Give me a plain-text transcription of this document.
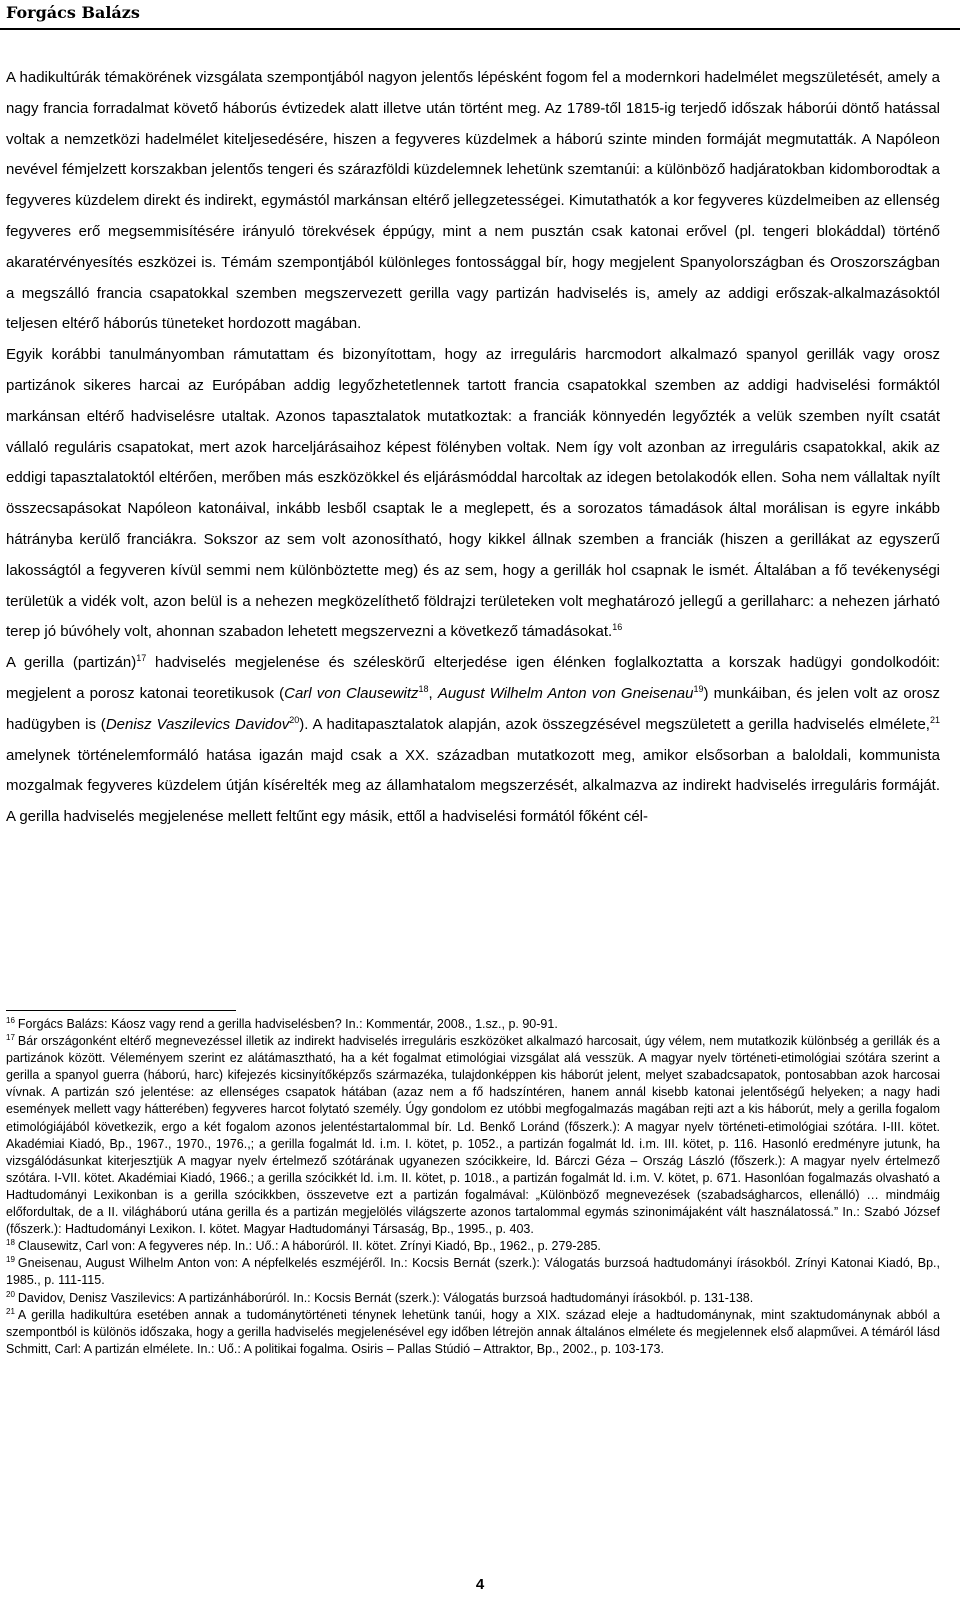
Forgács Balázs

A hadikultúrák témakörének vizsgálata szempontjából nagyon jelentős lépésként fogom fel a modernkori hadelmélet megszületését, amely a nagy francia forradalmat követő háborús évtizedek alatt illetve után történt meg. Az 1789-től 1815-ig terjedő időszak háborúi döntő hatással voltak a nemzetközi hadelmélet kiteljesedésére, hiszen a fegyveres küzdelmek a háború szinte minden formáját megmutatták. A Napóleon nevével fémjelzett korszakban jelentős tengeri és szárazföldi küzdelemnek lehetünk szemtanúi: a különböző hadjáratokban kidomborodtak a fegyveres küzdelem direkt és indirekt, egymástól markánsan eltérő jellegzetességei. Kimutathatók a kor fegyveres küzdelmeiben az ellenség fegyveres erő megsemmisítésére irányuló törekvések éppúgy, mint a nem pusztán csak katonai erővel (pl. tengeri blokáddal) történő akaratérvényesítés eszközei is. Témám szempontjából különleges fontossággal bír, hogy megjelent Spanyolországban és Oroszországban a megszálló francia csapatokkal szemben megszervezett gerilla vagy partizán hadviselés is, amely az addigi erőszak-alkalmazásoktól teljesen eltérő háborús tüneteket hordozott magában.

Egyik korábbi tanulmányomban rámutattam és bizonyítottam, hogy az irreguláris harcmodort alkalmazó spanyol gerillák vagy orosz partizánok sikeres harcai az Európában addig legyőzhetetlennek tartott francia csapatokkal szemben az addigi hadviselési formáktól markánsan eltérő hadviselésre utaltak. Azonos tapasztalatok mutatkoztak: a franciák könnyedén legyőzték a velük szemben nyílt csatát vállaló reguláris csapatokat, mert azok harceljárásaihoz képest fölényben voltak. Nem így volt azonban az irreguláris csapatokkal, akik az eddigi tapasztalatoktól eltérően, merőben más eszközökkel és eljárásmóddal harcoltak az idegen betolakodók ellen. Soha nem vállaltak nyílt összecsapásokat Napóleon katonáival, inkább lesből csaptak le a meglepett, és a sorozatos támadások által morálisan is egyre inkább hátrányba kerülő franciákra. Sokszor az sem volt azonosítható, hogy kikkel állnak szemben a franciák (hiszen a gerillákat az egyszerű lakosságtól a fegyveren kívül semmi nem különböztette meg) és az sem, hogy a gerillák hol csapnak le ismét. Általában a fő tevékenységi területük a vidék volt, azon belül is a nehezen megközelíthető földrajzi területeken volt meghatározó jellegű a gerillaharc: a nehezen járható terep jó búvóhely volt, ahonnan szabadon lehetett megszervezni a következő támadásokat.$^{16}$

A gerilla (partizán)$^{17}$ hadviselés megjelenése és széleskörű elterjedése igen élénken foglalkoztatta a korszak hadügyi gondolkodóit: megjelent a porosz katonai teoretikusok (Carl von Clausewitz$^{18}$, August Wilhelm Anton von Gneisenau$^{19}$) munkáiban, és jelen volt az orosz hadügyben is (Denisz Vaszilevics Davidov$^{20}$). A haditapasztalatok alapján, azok összegzésével megszületett a gerilla hadviselés elmélete,$^{21}$ amelynek történelemformáló hatása igazán majd csak a XX. században mutatkozott meg, amikor elsősorban a baloldali, kommunista mozgalmak fegyveres küzdelem útján kísérelték meg az államhatalom megszerzését, alkalmazva az indirekt hadviselés irreguláris formáját. A gerilla hadviselés megjelenése mellett feltűnt egy másik, ettől a hadviselési formától főként cél-

$^{16}$ Forgács Balázs: Káosz vagy rend a gerilla hadviselésben? In.: Kommentár, 2008., 1.sz., p. 90-91.

$^{17}$ Bár országonként eltérő megnevezéssel illetik az indirekt hadviselés irreguláris eszközöket alkalmazó harcosait, úgy vélem, nem mutatkozik különbség a gerillák és a partizánok között. Véleményem szerint ez alátámasztható, ha a két fogalmat etimológiai vizsgálat alá vesszük. A magyar nyelv történeti-etimológiai szótára szerint a gerilla a spanyol guerra (háború, harc) kifejezés kicsinyítőképzős származéka, tulajdonképpen kis háborút jelent, melyet szabadcsapatok, pontosabban azok harcosai vívnak. A partizán szó jelentése: az ellenséges csapatok hátában (azaz nem a fő hadszíntéren, hanem annál kisebb katonai jelentőségű helyeken; a nagy hadi események mellett vagy hátterében) fegyveres harcot folytató személy. Úgy gondolom ez utóbbi megfogalmazás magában rejti azt a kis háborút, mely a gerilla fogalom etimológiájából következik, ergo a két fogalom azonos jelentéstartalommal bír. Ld. Benkő Loránd (főszerk.): A magyar nyelv történeti-etimológiai szótára. I-III. kötet. Akadémiai Kiadó, Bp., 1967., 1970., 1976.,; a gerilla fogalmát ld. i.m. I. kötet, p. 1052., a partizán fogalmát ld. i.m. III. kötet, p. 116. Hasonló eredményre jutunk, ha vizsgálódásunkat kiterjesztjük A magyar nyelv értelmező szótárának ugyanezen szócikkeire, ld. Bárczi Géza – Ország László (főszerk.): A magyar nyelv értelmező szótára. I-VII. kötet. Akadémiai Kiadó, 1966.; a gerilla szócikkét ld. i.m. II. kötet, p. 1018., a partizán fogalmát ld. i.m. V. kötet, p. 671. Hasonlóan fogalmazás olvasható a Hadtudományi Lexikonban is a gerilla szócikkben, összevetve ezt a partizán fogalmával: „Különböző megnevezések (szabadságharcos, ellenálló) … mindmáig előfordultak, de a II. világháború utána gerilla és a partizán megjelölés világszerte azonos tartalommal egymás szinonimájaként vált használatossá.” In.: Szabó József (főszerk.): Hadtudományi Lexikon. I. kötet. Magyar Hadtudományi Társaság, Bp., 1995., p. 403.

$^{18}$ Clausewitz, Carl von: A fegyveres nép. In.: Uő.: A háborúról. II. kötet. Zrínyi Kiadó, Bp., 1962., p. 279-285.

$^{19}$ Gneisenau, August Wilhelm Anton von: A népfelkelés eszméjéről. In.: Kocsis Bernát (szerk.): Válogatás burzsoá hadtudományi írásokból. Zrínyi Katonai Kiadó, Bp., 1985., p. 111-115.

$^{20}$ Davidov, Denisz Vaszilevics: A partizánháborúról. In.: Kocsis Bernát (szerk.): Válogatás burzsoá hadtudományi írásokból. p. 131-138.

$^{21}$ A gerilla hadikultúra esetében annak a tudománytörténeti ténynek lehetünk tanúi, hogy a XIX. század eleje a hadtudománynak, mint szaktudománynak abból a szempontból is különös időszaka, hogy a gerilla hadviselés megjelenésével egy időben létrejön annak általános elmélete és megjelennek első alapművei. A témáról lásd Schmitt, Carl: A partizán elmélete. In.: Uő.: A politikai fogalma. Osiris – Pallas Stúdió – Attraktor, Bp., 2002., p. 103-173.

4
